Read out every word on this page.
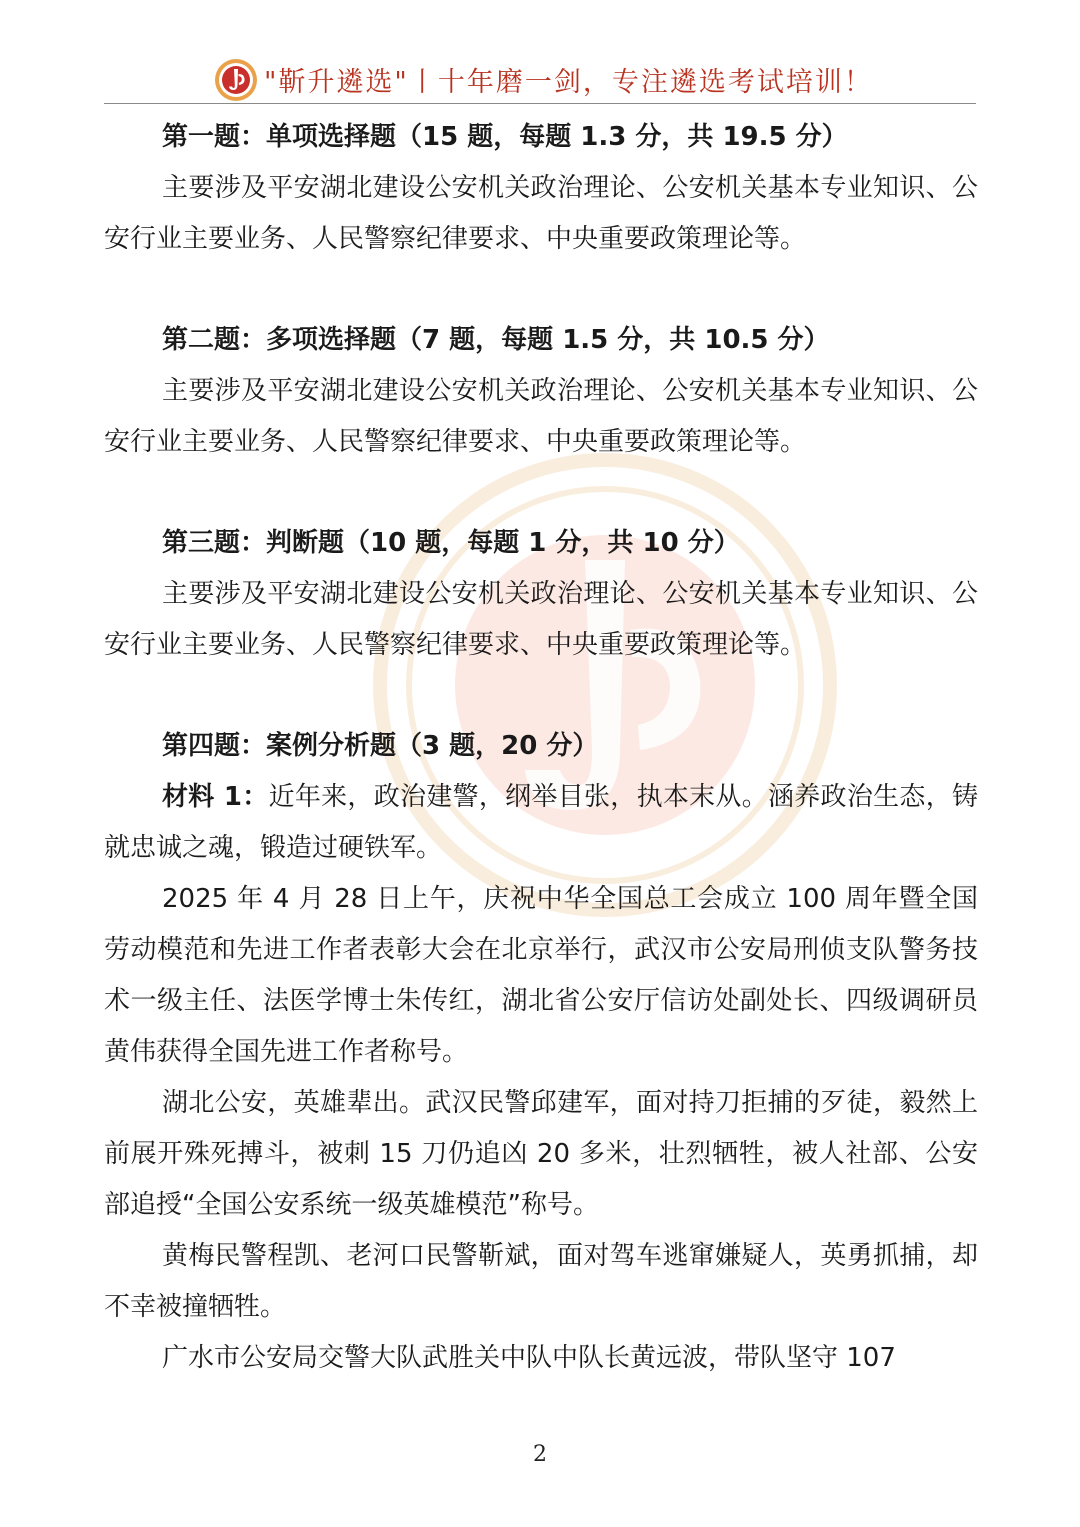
"靳升遴选"丨十年磨一剑，专注遴选考试培训！
第一题：单项选择题（15 题，每题 1.3 分，共 19.5 分）

主要涉及平安湖北建设公安机关政治理论、公安机关基本专业知识、公安行业主要业务、人民警察纪律要求、中央重要政策理论等。

第二题：多项选择题（7 题，每题 1.5 分，共 10.5 分）

主要涉及平安湖北建设公安机关政治理论、公安机关基本专业知识、公安行业主要业务、人民警察纪律要求、中央重要政策理论等。

第三题：判断题（10 题，每题 1 分，共 10 分）

主要涉及平安湖北建设公安机关政治理论、公安机关基本专业知识、公安行业主要业务、人民警察纪律要求、中央重要政策理论等。

第四题：案例分析题（3 题，20 分）

材料 1：近年来，政治建警，纲举目张，执本末从。涵养政治生态，铸就忠诚之魂，锻造过硬铁军。

2025 年 4 月 28 日上午，庆祝中华全国总工会成立 100 周年暨全国劳动模范和先进工作者表彰大会在北京举行，武汉市公安局刑侦支队警务技术一级主任、法医学博士朱传红，湖北省公安厅信访处副处长、四级调研员黄伟获得全国先进工作者称号。

湖北公安，英雄辈出。武汉民警邱建军，面对持刀拒捕的歹徒，毅然上前展开殊死搏斗，被刺 15 刀仍追凶 20 多米，壮烈牺牲，被人社部、公安部追授“全国公安系统一级英雄模范”称号。

黄梅民警程凯、老河口民警靳斌，面对驾车逃窜嫌疑人，英勇抓捕，却不幸被撞牺牲。

广水市公安局交警大队武胜关中队中队长黄远波，带队坚守 107

2
